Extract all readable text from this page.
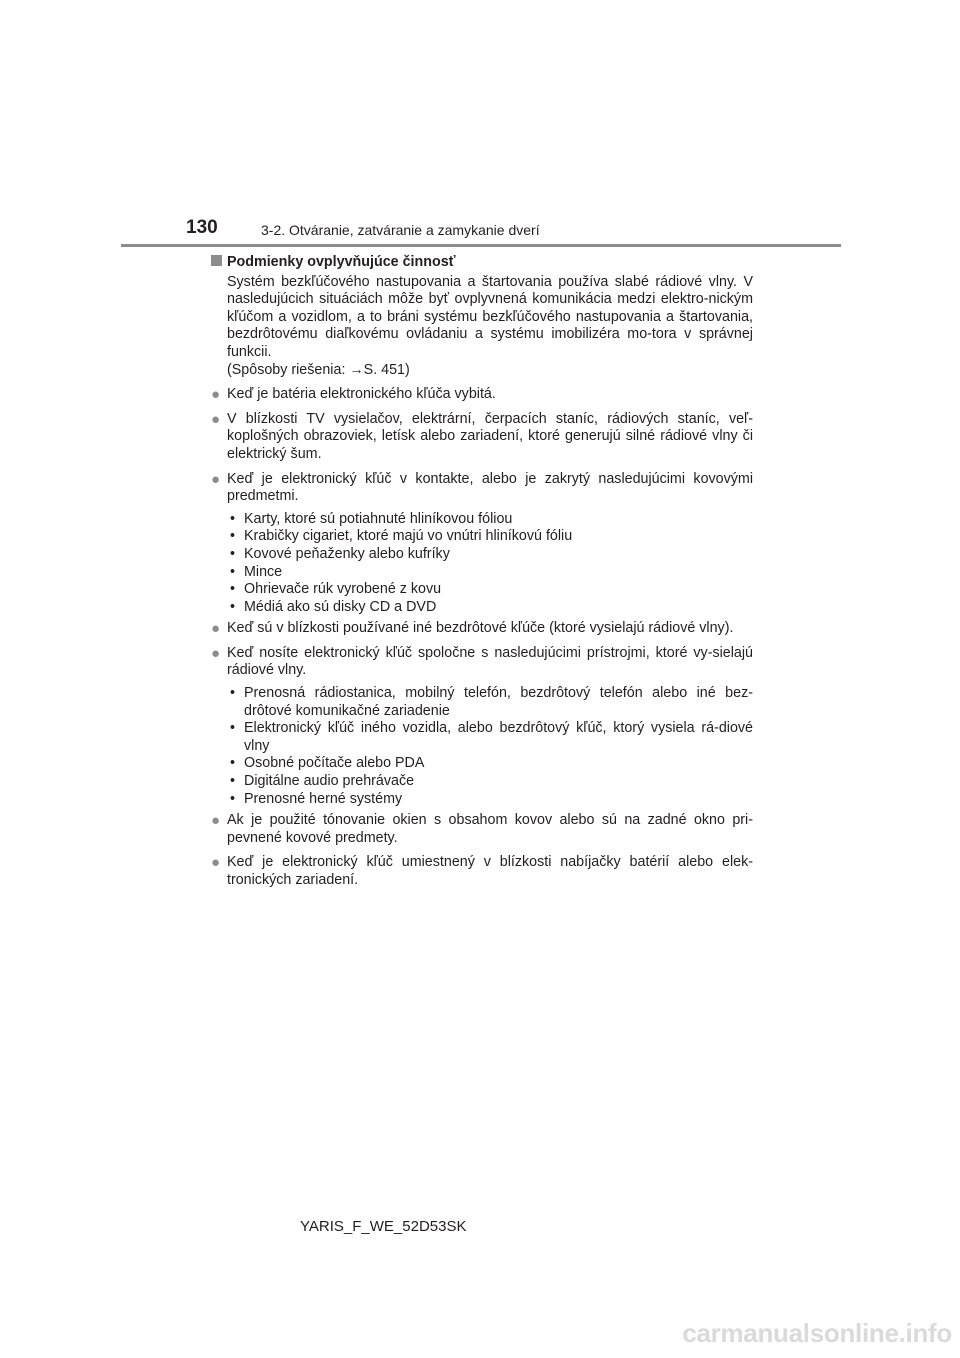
130	3-2. Otváranie, zatváranie a zamykanie dverí
Podmienky ovplyvňujúce činnosť
Systém bezkľúčového nastupovania a štartovania používa slabé rádiové vlny. V nasledujúcich situáciách môže byť ovplyvnená komunikácia medzi elektro-nickým kľúčom a vozidlom, a to bráni systému bezkľúčového nastupovania a štartovania, bezdrôtovému diaľkovému ovládaniu a systému imobilizéra mo-tora v správnej funkcii.
(Spôsoby riešenia: →S. 451)
● Keď je batéria elektronického kľúča vybitá.
● V blízkosti TV vysielačov, elektrární, čerpacích staníc, rádiových staníc, veľ-koplošných obrazoviek, letísk alebo zariadení, ktoré generujú silné rádiové vlny či elektrický šum.
● Keď je elektronický kľúč v kontakte, alebo je zakrytý nasledujúcimi kovovými predmetmi.
• Karty, ktoré sú potiahnuté hliníkovou fóliou
• Krabičky cigariet, ktoré majú vo vnútri hliníkovú fóliu
• Kovové peňaženky alebo kufríky
• Mince
• Ohrievače rúk vyrobené z kovu
• Médiá ako sú disky CD a DVD
● Keď sú v blízkosti používané iné bezdrôtové kľúče (ktoré vysielajú rádiové vlny).
● Keď nosíte elektronický kľúč spoločne s nasledujúcimi prístrojmi, ktoré vy-sielajú rádiové vlny.
• Prenosná rádiostanica, mobilný telefón, bezdrôtový telefón alebo iné bez-drôtové komunikačné zariadenie
• Elektronický kľúč iného vozidla, alebo bezdrôtový kľúč, ktorý vysiela rá-diové vlny
• Osobné počítače alebo PDA
• Digitálne audio prehrávače
• Prenosné herné systémy
● Ak je použité tónovanie okien s obsahom kovov alebo sú na zadné okno pri-pevnené kovové predmety.
● Keď je elektronický kľúč umiestnený v blízkosti nabíjačky batérií alebo elek-tronických zariadení.
YARIS_F_WE_52D53SK
carmanualsonline.info
